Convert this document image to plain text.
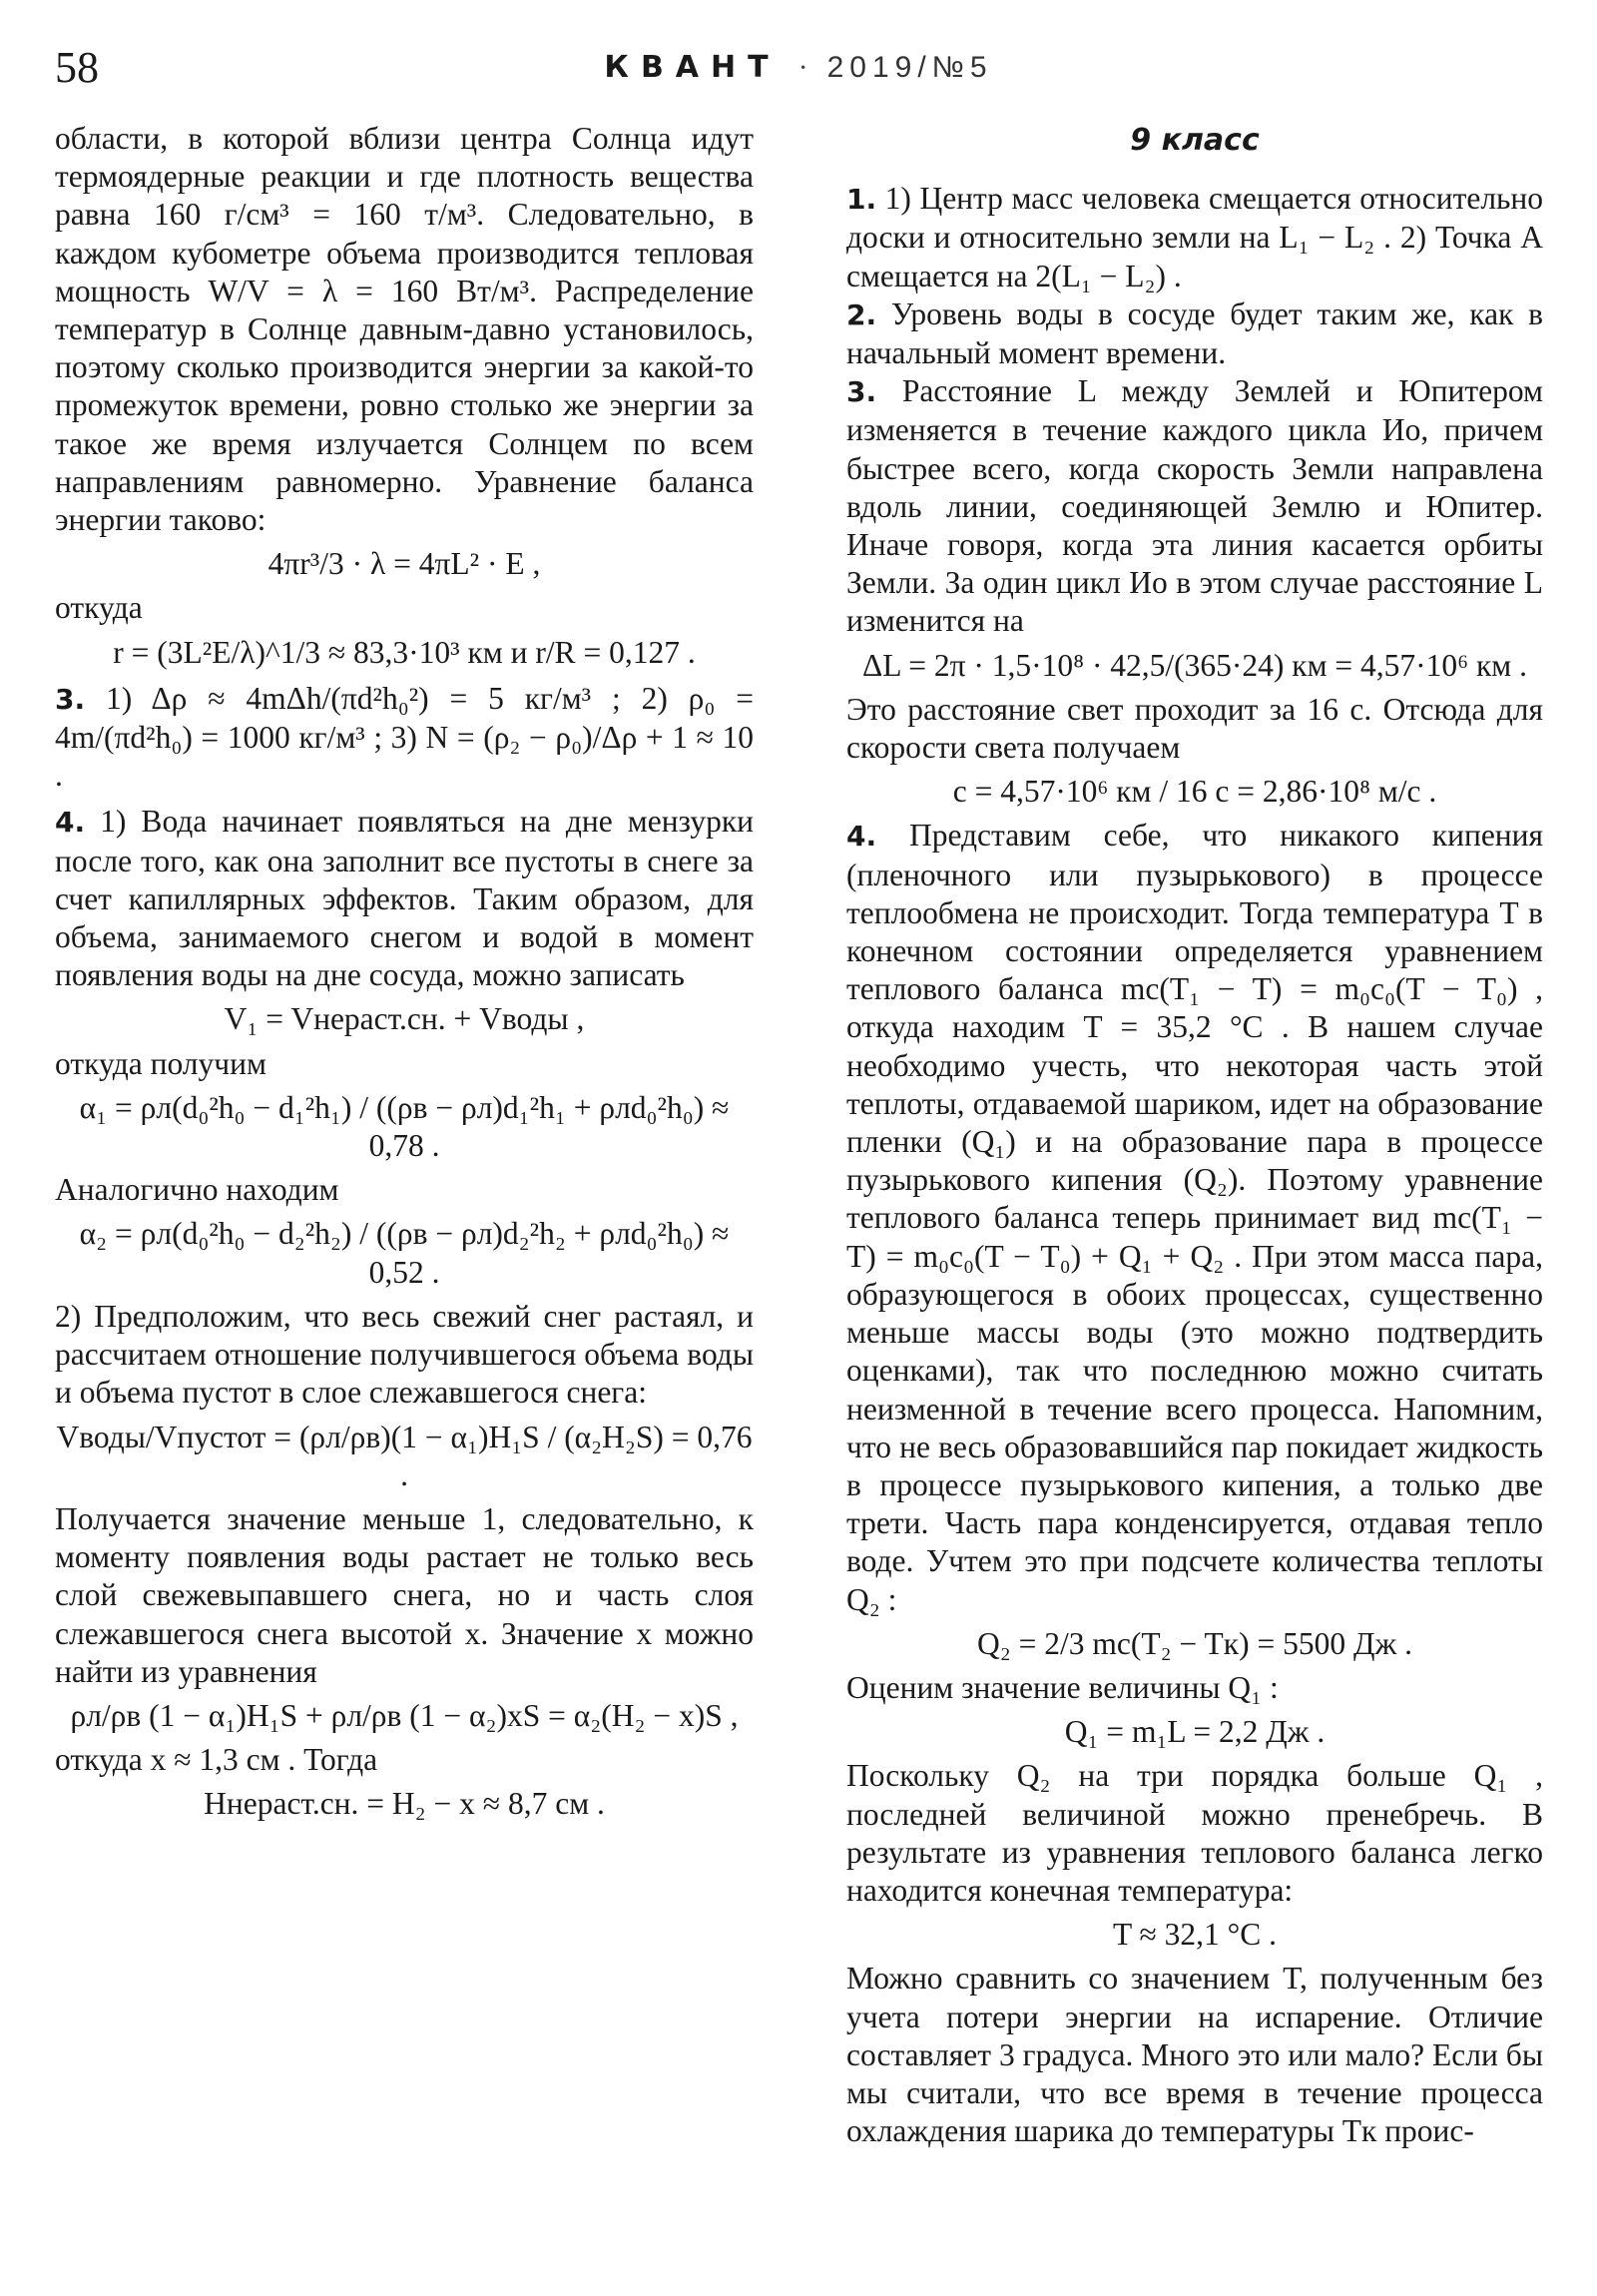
58	КВАНТ · 2019/№5

области, в которой вблизи центра Солнца идут термоядерные реакции и где плотность вещества равна 160 г/см³ = 160 т/м³. Следовательно, в каждом кубометре объема производится тепловая мощность W/V = λ = 160 Вт/м³. Распределение температур в Солнце давным-давно установилось, поэтому сколько производится энергии за какой-то промежуток времени, ровно столько же энергии за такое же время излучается Солнцем по всем направлениям равномерно. Уравнение баланса энергии таково:

4πr³/3 · λ = 4πL² · E ,

откуда

r = (3L²E/λ)^1/3 ≈ 83,3·10³ км и r/R = 0,127 .

3. 1) Δρ ≈ 4mΔh/(πd²h₀²) = 5 кг/м³ ; 2) ρ₀ = 4m/(πd²h₀) = 1000 кг/м³ ; 3) N = (ρ₂ − ρ₀)/Δρ + 1 ≈ 10 .

4. 1) Вода начинает появляться на дне мензурки после того, как она заполнит все пустоты в снеге за счет капиллярных эффектов. Таким образом, для объема, занимаемого снегом и водой в момент появления воды на дне сосуда, можно записать

V₁ = Vнераст.сн. + Vводы ,

откуда получим

α₁ = ρл(d₀²h₀ − d₁²h₁) / ((ρв − ρл)d₁²h₁ + ρлd₀²h₀) ≈ 0,78 .

Аналогично находим

α₂ = ρл(d₀²h₀ − d₂²h₂) / ((ρв − ρл)d₂²h₂ + ρлd₀²h₀) ≈ 0,52 .

2) Предположим, что весь свежий снег растаял, и рассчитаем отношение получившегося объема воды и объема пустот в слое слежавшегося снега:

Vводы/Vпустот = (ρл/ρв)(1 − α₁)H₁S / (α₂H₂S) = 0,76 .

Получается значение меньше 1, следовательно, к моменту появления воды растает не только весь слой свежевыпавшего снега, но и часть слоя слежавшегося снега высотой x. Значение x можно найти из уравнения

ρл/ρв (1 − α₁)H₁S + ρл/ρв (1 − α₂)xS = α₂(H₂ − x)S ,

откуда x ≈ 1,3 см . Тогда

Hнераст.сн. = H₂ − x ≈ 8,7 см .
9 класс

1. 1) Центр масс человека смещается относительно доски и относительно земли на L₁ − L₂ . 2) Точка A смещается на 2(L₁ − L₂) .

2. Уровень воды в сосуде будет таким же, как в начальный момент времени.

3. Расстояние L между Землей и Юпитером изменяется в течение каждого цикла Ио, причем быстрее всего, когда скорость Земли направлена вдоль линии, соединяющей Землю и Юпитер. Иначе говоря, когда эта линия касается орбиты Земли. За один цикл Ио в этом случае расстояние L изменится на

ΔL = 2π · 1,5·10⁸ · 42,5/(365·24) км = 4,57·10⁶ км .

Это расстояние свет проходит за 16 с. Отсюда для скорости света получаем

c = 4,57·10⁶ км / 16 с = 2,86·10⁸ м/с .

4. Представим себе, что никакого кипения (пленочного или пузырькового) в процессе теплообмена не происходит. Тогда температура T в конечном состоянии определяется уравнением теплового баланса mc(T₁ − T) = m₀c₀(T − T₀) , откуда находим T = 35,2 °C . В нашем случае необходимо учесть, что некоторая часть этой теплоты, отдаваемой шариком, идет на образование пленки (Q₁) и на образование пара в процессе пузырькового кипения (Q₂). Поэтому уравнение теплового баланса теперь принимает вид mc(T₁ − T) = m₀c₀(T − T₀) + Q₁ + Q₂ . При этом масса пара, образующегося в обоих процессах, существенно меньше массы воды (это можно подтвердить оценками), так что последнюю можно считать неизменной в течение всего процесса. Напомним, что не весь образовавшийся пар покидает жидкость в процессе пузырькового кипения, а только две трети. Часть пара конденсируется, отдавая тепло воде. Учтем это при подсчете количества теплоты Q₂ :

Q₂ = 2/3 mc(T₂ − Tк) = 5500 Дж .

Оценим значение величины Q₁ :

Q₁ = m₁L = 2,2 Дж .

Поскольку Q₂ на три порядка больше Q₁ , последней величиной можно пренебречь. В результате из уравнения теплового баланса легко находится конечная температура:

T ≈ 32,1 °C .

Можно сравнить со значением T, полученным без учета потери энергии на испарение. Отличие составляет 3 градуса. Много это или мало? Если бы мы считали, что все время в течение процесса охлаждения шарика до температуры Tк проис-
